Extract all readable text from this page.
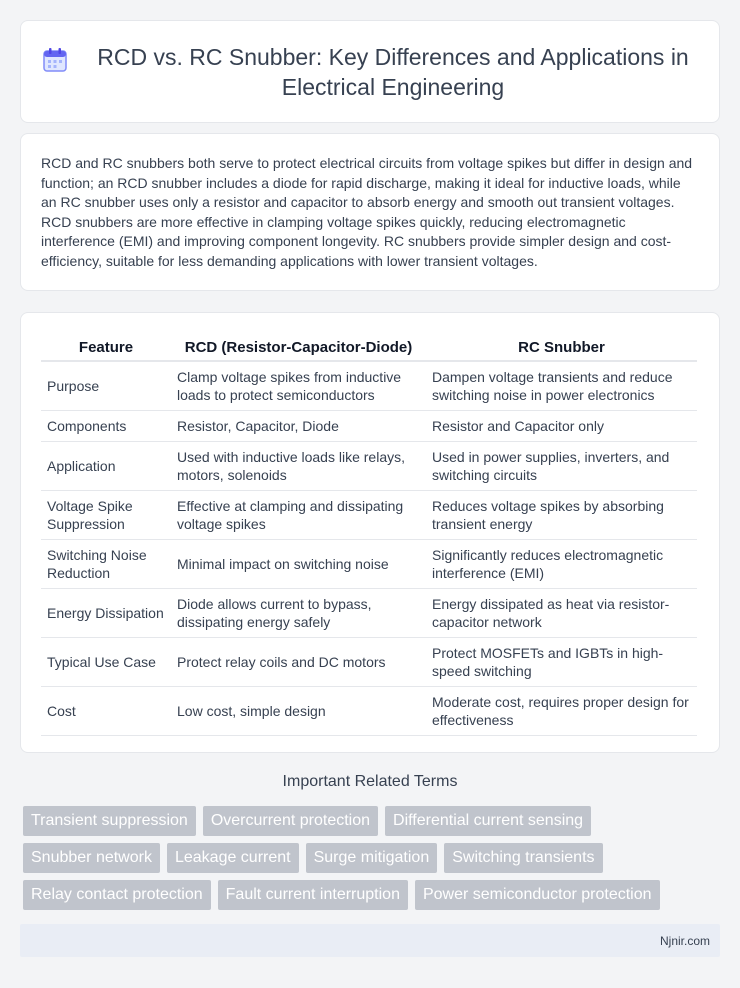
RCD vs. RC Snubber: Key Differences and Applications in Electrical Engineering

RCD and RC snubbers both serve to protect electrical circuits from voltage spikes but differ in design and function; an RCD snubber includes a diode for rapid discharge, making it ideal for inductive loads, while an RC snubber uses only a resistor and capacitor to absorb energy and smooth out transient voltages. RCD snubbers are more effective in clamping voltage spikes quickly, reducing electromagnetic interference (EMI) and improving component longevity. RC snubbers provide simpler design and cost-efficiency, suitable for less demanding applications with lower transient voltages.

Feature	RCD (Resistor-Capacitor-Diode)	RC Snubber
Purpose	Clamp voltage spikes from inductive loads to protect semiconductors	Dampen voltage transients and reduce switching noise in power electronics
Components	Resistor, Capacitor, Diode	Resistor and Capacitor only
Application	Used with inductive loads like relays, motors, solenoids	Used in power supplies, inverters, and switching circuits
Voltage Spike Suppression	Effective at clamping and dissipating voltage spikes	Reduces voltage spikes by absorbing transient energy
Switching Noise Reduction	Minimal impact on switching noise	Significantly reduces electromagnetic interference (EMI)
Energy Dissipation	Diode allows current to bypass, dissipating energy safely	Energy dissipated as heat via resistor-capacitor network
Typical Use Case	Protect relay coils and DC motors	Protect MOSFETs and IGBTs in high-speed switching
Cost	Low cost, simple design	Moderate cost, requires proper design for effectiveness
Important Related Terms
Transient suppression	Overcurrent protection	Differential current sensing
Snubber network	Leakage current	Surge mitigation	Switching transients
Relay contact protection	Fault current interruption	Power semiconductor protection
Njnir.com
